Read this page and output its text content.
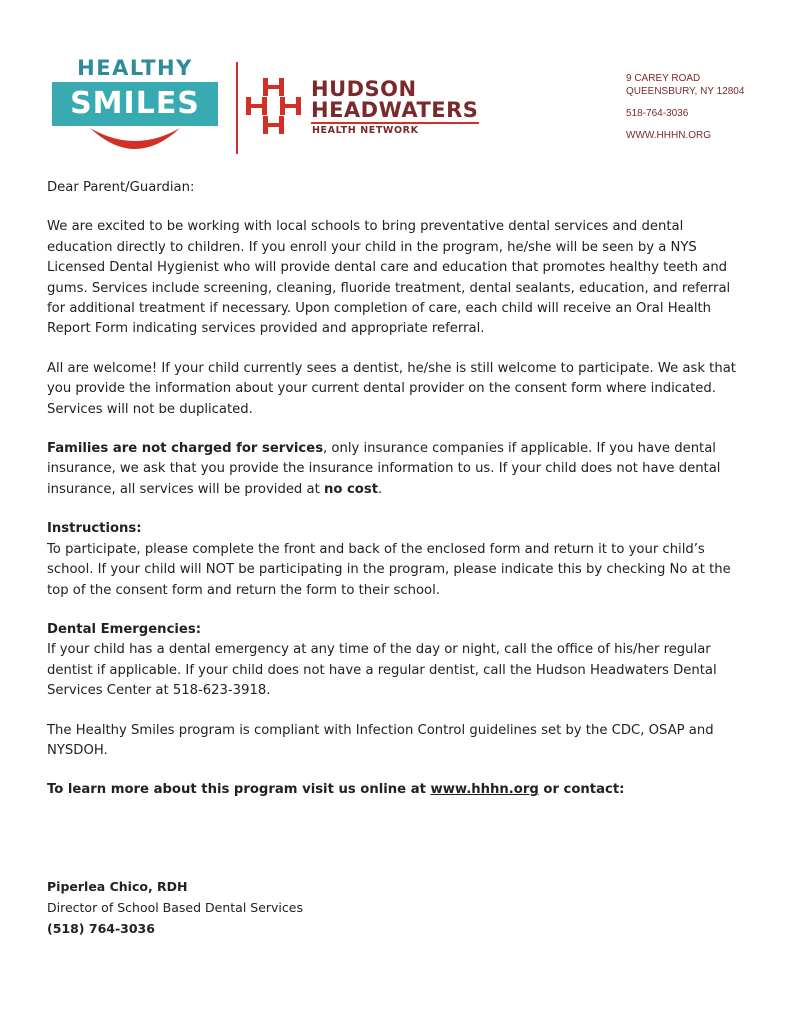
HEALTHY
SMILES	HUDSON
HEADWATERS
HEALTH NETWORK
9 CAREY ROAD
QUEENSBURY, NY 12804
518-764-3036
WWW.HHHN.ORG

Dear Parent/Guardian:

We are excited to be working with local schools to bring preventative dental services and dental education directly to children. If you enroll your child in the program, he/she will be seen by a NYS Licensed Dental Hygienist who will provide dental care and education that promotes healthy teeth and gums. Services include screening, cleaning, fluoride treatment, dental sealants, education, and referral for additional treatment if necessary. Upon completion of care, each child will receive an Oral Health Report Form indicating services provided and appropriate referral.

All are welcome! If your child currently sees a dentist, he/she is still welcome to participate. We ask that you provide the information about your current dental provider on the consent form where indicated. Services will not be duplicated.

Families are not charged for services, only insurance companies if applicable. If you have dental insurance, we ask that you provide the insurance information to us. If your child does not have dental insurance, all services will be provided at no cost.

Instructions:

To participate, please complete the front and back of the enclosed form and return it to your child’s school. If your child will NOT be participating in the program, please indicate this by checking No at the top of the consent form and return the form to their school.

Dental Emergencies:

If your child has a dental emergency at any time of the day or night, call the office of his/her regular dentist if applicable. If your child does not have a regular dentist, call the Hudson Headwaters Dental Services Center at 518-623-3918.

The Healthy Smiles program is compliant with Infection Control guidelines set by the CDC, OSAP and NYSDOH.

To learn more about this program visit us online at www.hhhn.org or contact:

Piperlea Chico, RDH
Director of School Based Dental Services
(518) 764-3036
